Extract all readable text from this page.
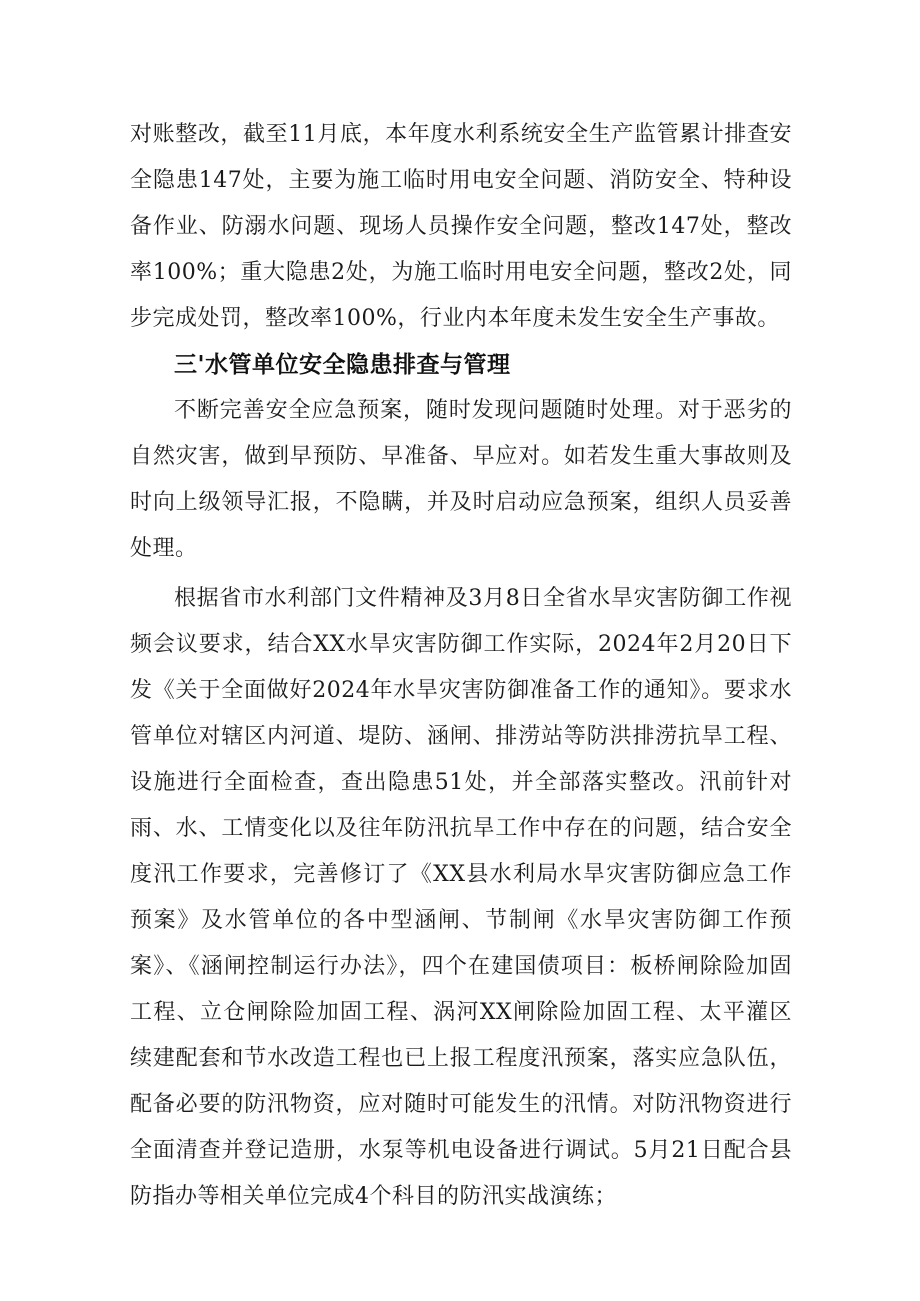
对账整改，截至11月底，本年度水利系统安全生产监管累计排查安全隐患147处，主要为施工临时用电安全问题、消防安全、特种设备作业、防溺水问题、现场人员操作安全问题，整改147处，整改率100%；重大隐患2处，为施工临时用电安全问题，整改2处，同步完成处罚，整改率100%，行业内本年度未发生安全生产事故。

三'水管单位安全隐患排查与管理

不断完善安全应急预案，随时发现问题随时处理。对于恶劣的自然灾害，做到早预防、早准备、早应对。如若发生重大事故则及时向上级领导汇报，不隐瞒，并及时启动应急预案，组织人员妥善处理。

根据省市水利部门文件精神及3月8日全省水旱灾害防御工作视频会议要求，结合XX水旱灾害防御工作实际，2024年2月20日下发《关于全面做好2024年水旱灾害防御准备工作的通知》。要求水管单位对辖区内河道、堤防、涵闸、排涝站等防洪排涝抗旱工程、设施进行全面检查，查出隐患51处，并全部落实整改。汛前针对雨、水、工情变化以及往年防汛抗旱工作中存在的问题，结合安全度汛工作要求，完善修订了《XX县水利局水旱灾害防御应急工作预案》及水管单位的各中型涵闸、节制闸《水旱灾害防御工作预案》、《涵闸控制运行办法》，四个在建国债项目：板桥闸除险加固工程、立仓闸除险加固工程、涡河XX闸除险加固工程、太平灌区续建配套和节水改造工程也已上报工程度汛预案，落实应急队伍，配备必要的防汛物资，应对随时可能发生的汛情。对防汛物资进行全面清查并登记造册，水泵等机电设备进行调试。5月21日配合县防指办等相关单位完成4个科目的防汛实战演练；
